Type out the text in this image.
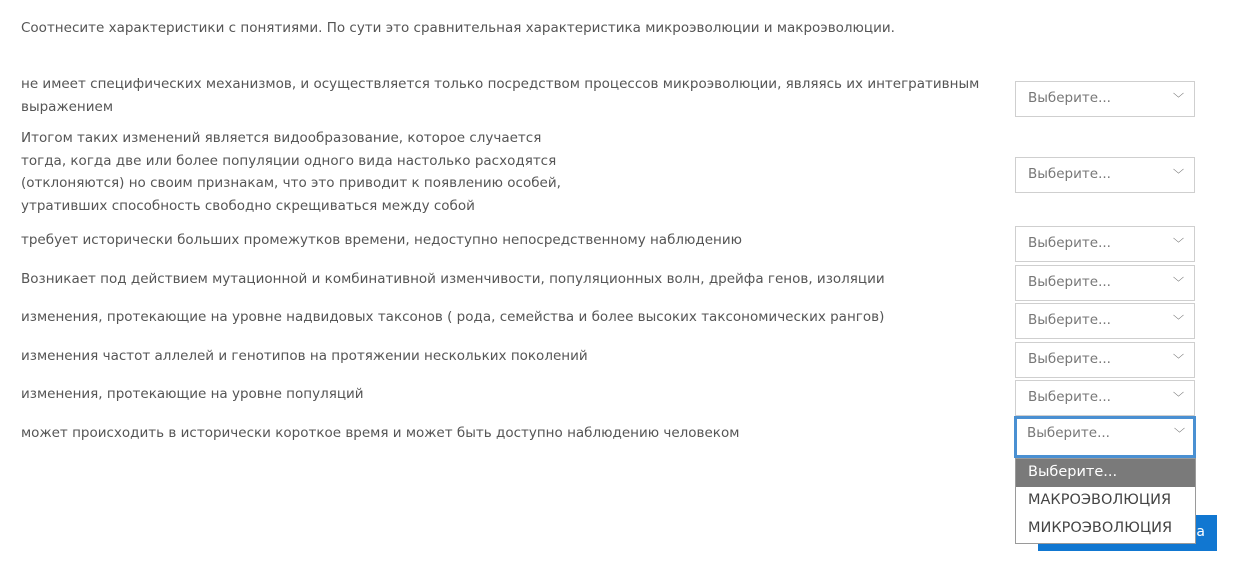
Соотнесите характеристики с понятиями. По сути это сравнительная характеристика микроэволюции и макроэволюции.
не имеет специфических механизмов, и осуществляется только посредством процессов микроэволюции, являясь их интегративным
выражением
Выберите...	﹀
Итогом таких изменений является видообразование, которое случается
тогда, когда две или более популяции одного вида настолько расходятся
(отклоняются) но своим признакам, что это приводит к появлению особей,
утративших способность свободно скрещиваться между собой
Выберите...	﹀
требует исторически больших промежутков времени, недоступно непосредственному наблюдению	Выберите...	﹀
Возникает под действием мутационной и комбинативной изменчивости, популяционных волн, дрейфа генов, изоляции	Выберите...	﹀
изменения, протекающие на уровне надвидовых таксонов ( рода, семейства и более высоких таксономических рангов)	Выберите...	﹀
изменения частот аллелей и генотипов на протяжении нескольких поколений	Выберите...	﹀
изменения, протекающие на уровне популяций	Выберите...	﹀
может происходить в исторически короткое время и может быть доступно наблюдению человеком	Выберите...	﹀
а
Выберите...
МАКРОЭВОЛЮЦИЯ
МИКРОЭВОЛЮЦИЯ
